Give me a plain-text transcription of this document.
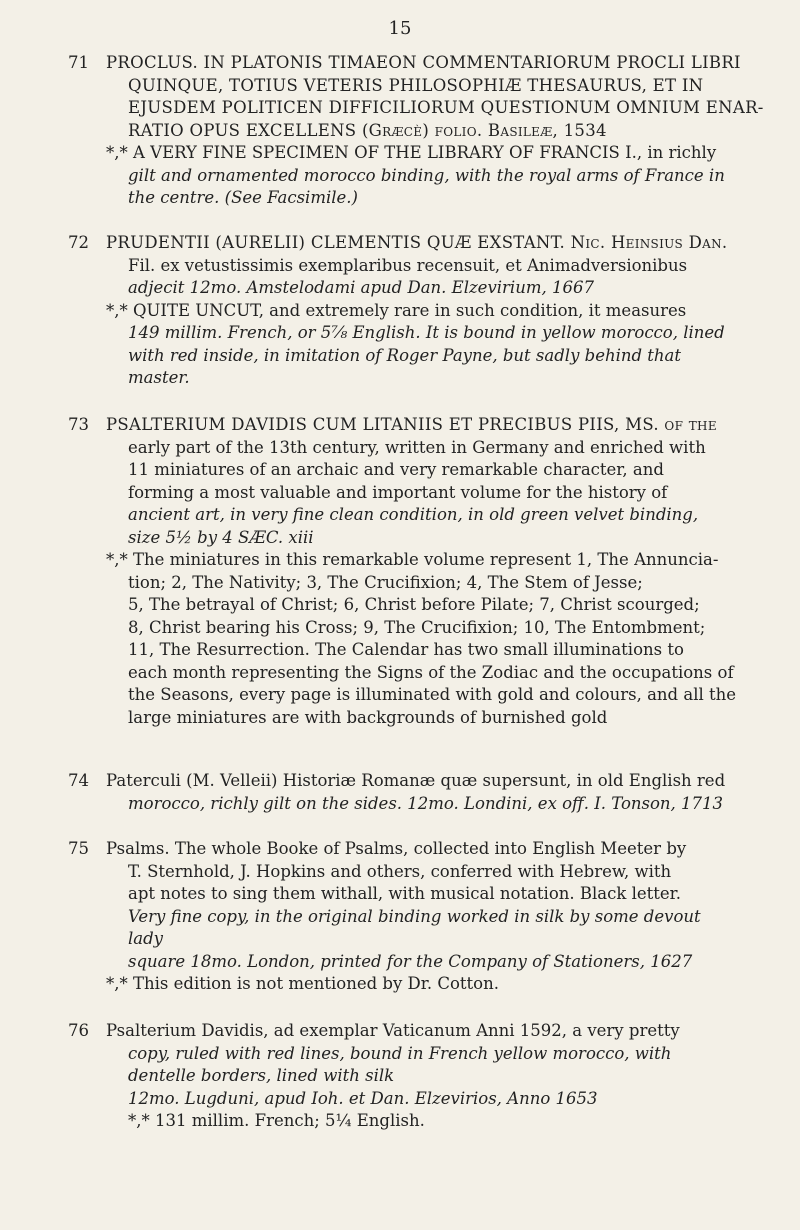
15
71	PROCLUS. IN PLATONIS TIMAEON COMMENTARIORUM PROCLI LIBRI
QUINQUE, TOTIUS VETERIS PHILOSOPHIÆ THESAURUS, ET IN
EJUSDEM POLITICEN DIFFICILIORUM QUESTIONUM OMNIUM ENAR-
RATIO OPUS EXCELLENS (Græcè) folio. Basileæ, 1534
*,* A VERY FINE SPECIMEN OF THE LIBRARY OF FRANCIS I., in richly
gilt and ornamented morocco binding, with the royal arms of France in
the centre. (See Facsimile.)
72	PRUDENTII (AURELII) CLEMENTIS QUÆ EXSTANT. Nic. Heinsius Dan.
Fil. ex vetustissimis exemplaribus recensuit, et Animadversionibus
adjecit 12mo. Amstelodami apud Dan. Elzevirium, 1667
*,* QUITE UNCUT, and extremely rare in such condition, it measures
149 millim. French, or 5⅞ English. It is bound in yellow morocco, lined
with red inside, in imitation of Roger Payne, but sadly behind that
master.
73	PSALTERIUM DAVIDIS CUM LITANIIS ET PRECIBUS PIIS, MS. of the
early part of the 13th century, written in Germany and enriched with
11 miniatures of an archaic and very remarkable character, and
forming a most valuable and important volume for the history of
ancient art, in very fine clean condition, in old green velvet binding,
size 5½ by 4 SÆC. xiii
*,* The miniatures in this remarkable volume represent 1, The Annuncia-
tion; 2, The Nativity; 3, The Crucifixion; 4, The Stem of Jesse;
5, The betrayal of Christ; 6, Christ before Pilate; 7, Christ scourged;
8, Christ bearing his Cross; 9, The Crucifixion; 10, The Entombment;
11, The Resurrection. The Calendar has two small illuminations to
each month representing the Signs of the Zodiac and the occupations of
the Seasons, every page is illuminated with gold and colours, and all the
large miniatures are with backgrounds of burnished gold
74	Paterculi (M. Velleii) Historiæ Romanæ quæ supersunt, in old English red
morocco, richly gilt on the sides. 12mo. Londini, ex off. I. Tonson, 1713
75	Psalms. The whole Booke of Psalms, collected into English Meeter by
T. Sternhold, J. Hopkins and others, conferred with Hebrew, with
apt notes to sing them withall, with musical notation. Black letter.
Very fine copy, in the original binding worked in silk by some devout
lady
square 18mo. London, printed for the Company of Stationers, 1627
*,* This edition is not mentioned by Dr. Cotton.
76	Psalterium Davidis, ad exemplar Vaticanum Anni 1592, a very pretty
copy, ruled with red lines, bound in French yellow morocco, with
dentelle borders, lined with silk
12mo. Lugduni, apud Ioh. et Dan. Elzevirios, Anno 1653
*,* 131 millim. French; 5¼ English.
